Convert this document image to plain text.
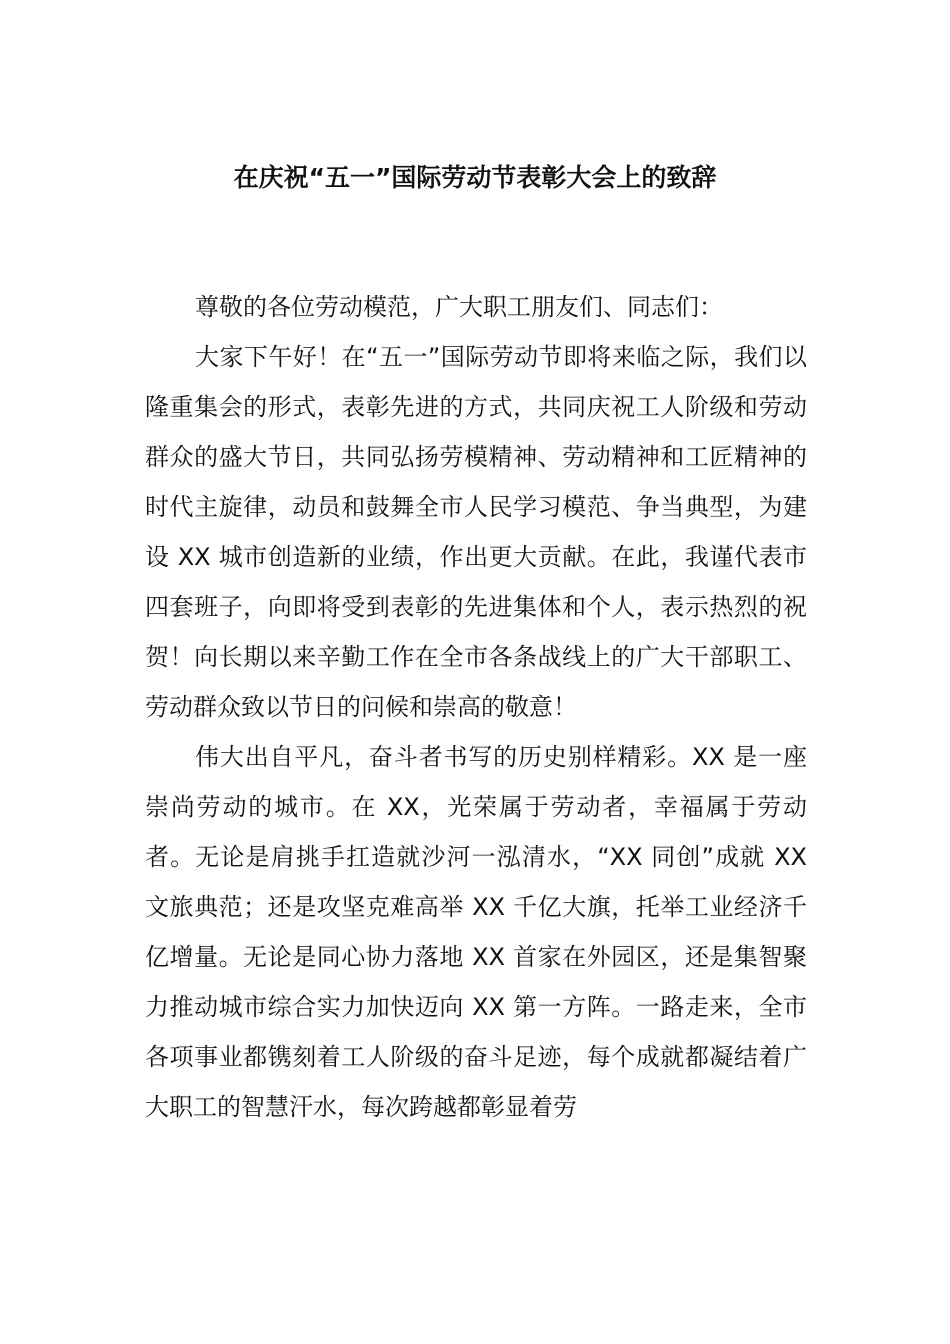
在庆祝“五一”国际劳动节表彰大会上的致辞

尊敬的各位劳动模范，广大职工朋友们、同志们：

大家下午好！在“五一”国际劳动节即将来临之际，我们以隆重集会的形式，表彰先进的方式，共同庆祝工人阶级和劳动群众的盛大节日，共同弘扬劳模精神、劳动精神和工匠精神的时代主旋律，动员和鼓舞全市人民学习模范、争当典型，为建设 XX 城市创造新的业绩，作出更大贡献。在此，我谨代表市四套班子，向即将受到表彰的先进集体和个人，表示热烈的祝贺！向长期以来辛勤工作在全市各条战线上的广大干部职工、劳动群众致以节日的问候和崇高的敬意！

伟大出自平凡，奋斗者书写的历史别样精彩。XX 是一座崇尚劳动的城市。在 XX，光荣属于劳动者，幸福属于劳动者。无论是肩挑手扛造就沙河一泓清水，“XX 同创”成就 XX 文旅典范；还是攻坚克难高举 XX 千亿大旗，托举工业经济千亿增量。无论是同心协力落地 XX 首家在外园区，还是集智聚力推动城市综合实力加快迈向 XX 第一方阵。一路走来，全市各项事业都镌刻着工人阶级的奋斗足迹，每个成就都凝结着广大职工的智慧汗水，每次跨越都彰显着劳
